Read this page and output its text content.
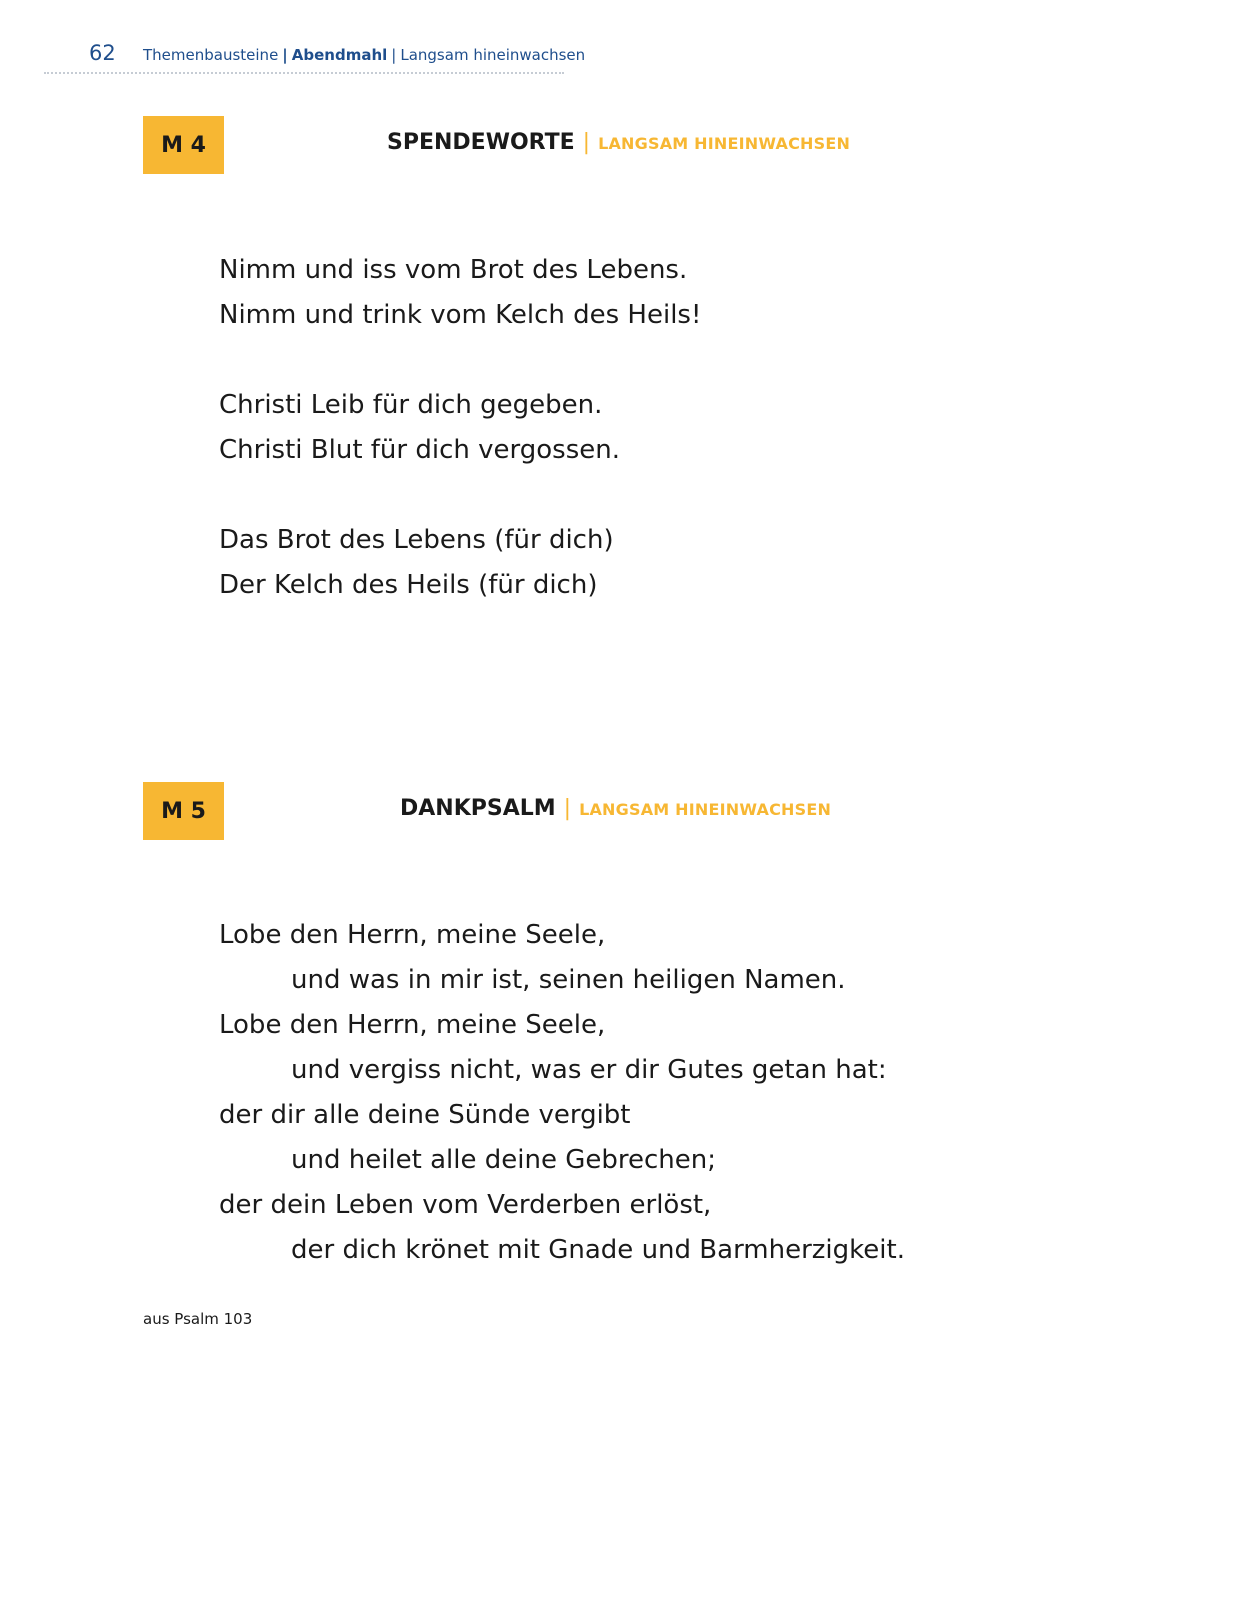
62 Themenbausteine | Abendmahl | Langsam hineinwachsen
M 4	SPENDEWORTE | LANGSAM HINEINWACHSEN
Nimm und iss vom Brot des Lebens.
Nimm und trink vom Kelch des Heils!
Christi Leib für dich gegeben.
Christi Blut für dich vergossen.
Das Brot des Lebens (für dich)
Der Kelch des Heils (für dich)
M 5	DANKPSALM | LANGSAM HINEINWACHSEN
Lobe den Herrn, meine Seele,
und was in mir ist, seinen heiligen Namen.
Lobe den Herrn, meine Seele,
und vergiss nicht, was er dir Gutes getan hat:
der dir alle deine Sünde vergibt
und heilet alle deine Gebrechen;
der dein Leben vom Verderben erlöst,
der dich krönet mit Gnade und Barmherzigkeit.
aus Psalm 103
